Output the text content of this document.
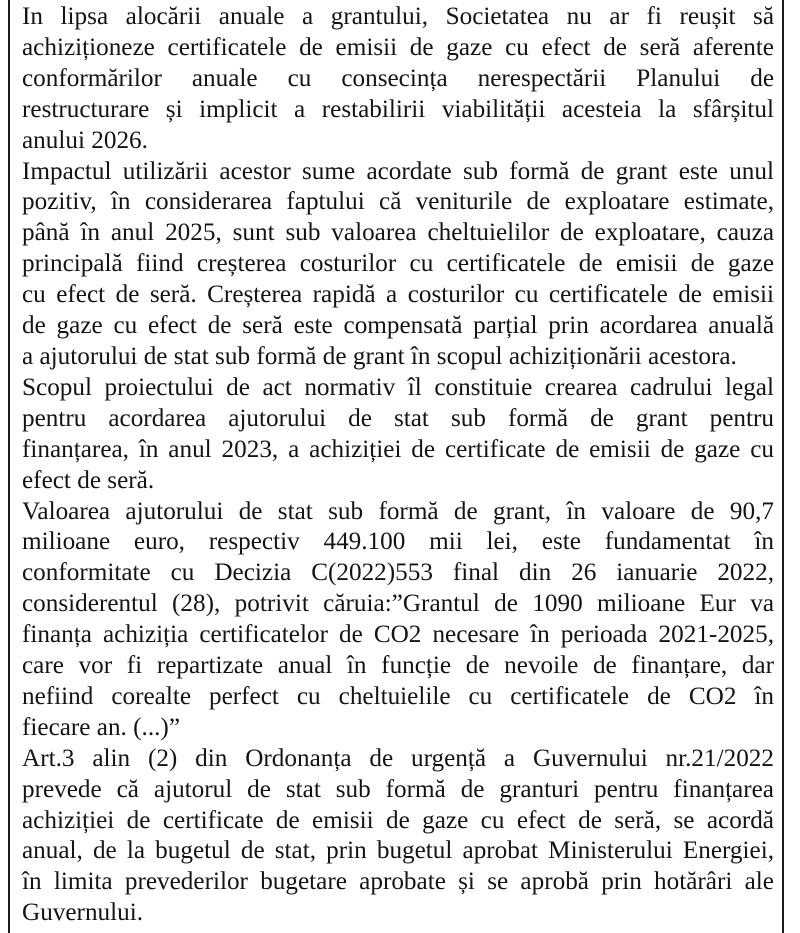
In lipsa alocării anuale a grantului, Societatea nu ar fi reușit să
achiziționeze certificatele de emisii de gaze cu efect de seră aferente
conformărilor anuale cu consecința nerespectării Planului de
restructurare și implicit a restabilirii viabilității acesteia la sfârșitul
anului 2026.
Impactul utilizării acestor sume acordate sub formă de grant este unul
pozitiv, în considerarea faptului că veniturile de exploatare estimate,
până în anul 2025, sunt sub valoarea cheltuielilor de exploatare, cauza
principală fiind creșterea costurilor cu certificatele de emisii de gaze
cu efect de seră. Creșterea rapidă a costurilor cu certificatele de emisii
de gaze cu efect de seră este compensată parțial prin acordarea anuală
a ajutorului de stat sub formă de grant în scopul achiziționării acestora.
Scopul proiectului de act normativ îl constituie crearea cadrului legal
pentru acordarea ajutorului de stat sub formă de grant pentru
finanțarea, în anul 2023, a achiziției de certificate de emisii de gaze cu
efect de seră.
Valoarea ajutorului de stat sub formă de grant, în valoare de 90,7
milioane euro, respectiv 449.100 mii lei, este fundamentat în
conformitate cu Decizia C(2022)553 final din 26 ianuarie 2022,
considerentul (28), potrivit căruia:”Grantul de 1090 milioane Eur va
finanța achiziția certificatelor de CO2 necesare în perioada 2021-2025,
care vor fi repartizate anual în funcție de nevoile de finanțare, dar
nefiind corealte perfect cu cheltuielile cu certificatele de CO2 în
fiecare an. (...)”
Art.3 alin (2) din Ordonanța de urgență a Guvernului nr.21/2022
prevede că ajutorul de stat sub formă de granturi pentru finanțarea
achiziției de certificate de emisii de gaze cu efect de seră, se acordă
anual, de la bugetul de stat, prin bugetul aprobat Ministerului Energiei,
în limita prevederilor bugetare aprobate și se aprobă prin hotărâri ale
Guvernului.
